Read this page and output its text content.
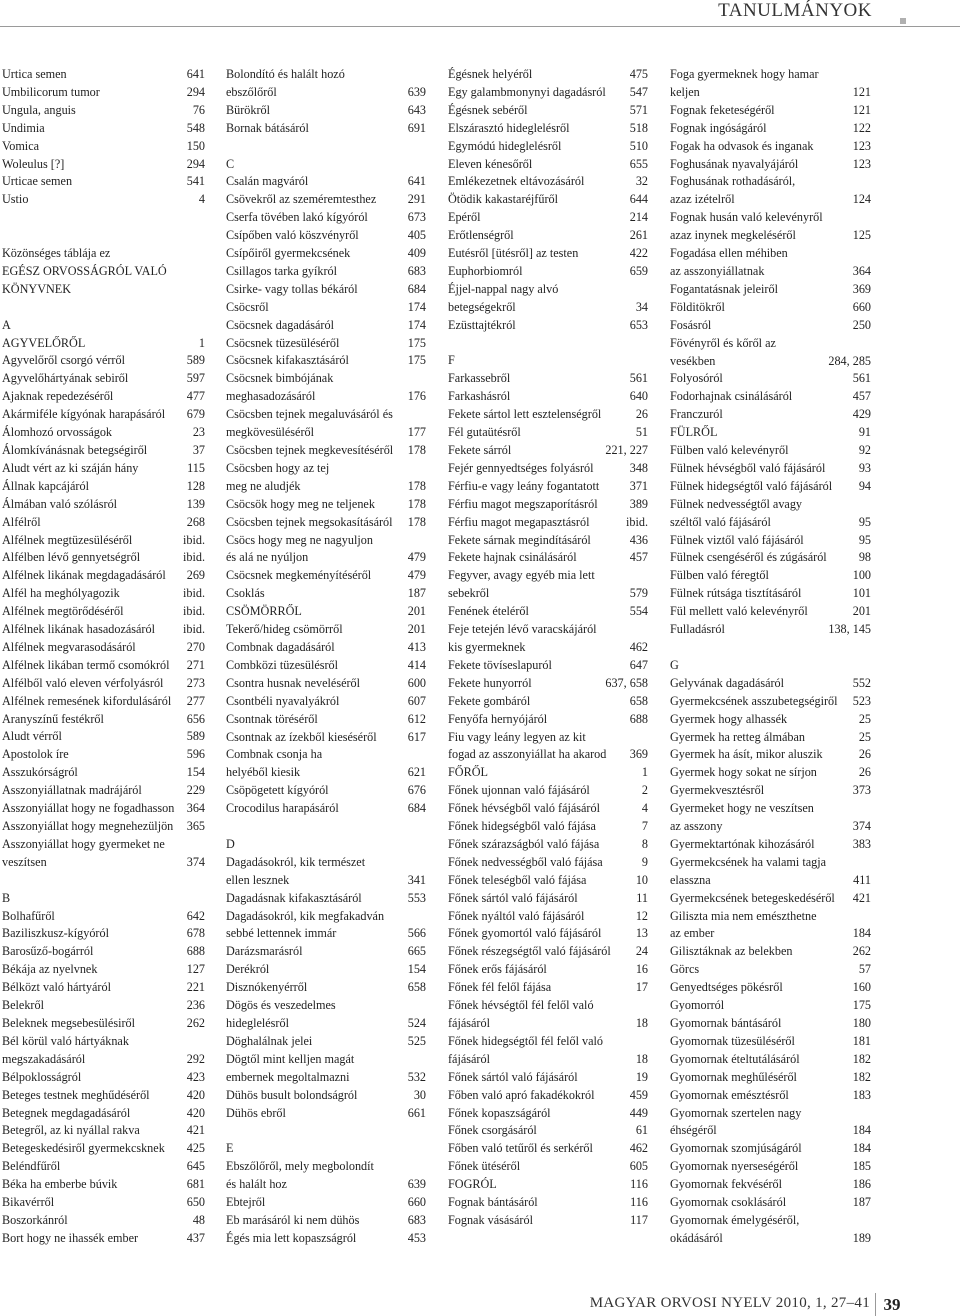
TANULMÁNYOK
Urtica semen	641
Umbilicorum tumor	294
Ungula, anguis	76
Undimia	548
Vomica	150
Woleulus [?]	294
Urticae semen	541
Ustio	4
Közönséges táblája ez
EGÉSZ ORVOSSÁGRÓL VALÓ
KÖNYVNEK
A
AGYVELŐRŐL	1
Agyvelőről csorgó vérről	589
Agyvelőhártyának sebiről	597
Ajaknak repedezéséről	477
Akármiféle kígyónak harapásáról	679
Álomhozó orvosságok	23
Álomkívánásnak betegségiről	37
Aludt vért az ki száján hány	115
Állnak kapcájáról	128
Álmában való szólásról	139
Alfélről	268
Alfélnek megtüzesüléséről	ibid.
Alfélben lévő gennyetségről	ibid.
Alfélnek likának megdagadásáról	269
Alfél ha meghólyagozik	ibid.
Alfélnek megtörődéséről	ibid.
Alfélnek likának hasadozásáról	ibid.
Alfélnek megvarasodásáról	270
Alfélnek likában termő csomókról	271
Alfélből való eleven vérfolyásról	273
Alfélnek remesének kifordulásáról	277
Aranyszínű festékről	656
Aludt vérről	589
Apostolok íre	596
Asszukórságról	154
Asszonyiállatnak madrájáról	229
Asszonyiállat hogy ne fogadhasson	364
Asszonyiállat hogy megnehezüljön	365
Asszonyiállat hogy gyermeket ne
veszítsen	374
B
Bolhafűről	642
Baziliszkusz-kígyóról	678
Barosűző-bogárról	688
Békája az nyelvnek	127
Bélközt való hártyáról	221
Belekről	236
Beleknek megsebesülésiről	262
Bél körül való hártyáknak
megszakadásáról	292
Bélpoklosságról	423
Beteges testnek meghűdéséről	420
Betegnek megdagadásáról	420
Betegről, az ki nyállal rakva	421
Betegeskedésiről gyermekcsknek	425
Beléndfűről	645
Béka ha emberbe búvik	681
Bikavérről	650
Boszorkánról	48
Bort hogy ne ihassék ember	437
Bolondító és halált hozó
ebszőlőről	639
Bürökről	643
Bornak bátásáról	691
C
Csalán magváról	641
Csövekről az szeméremtesthez	291
Cserfa tövében lakó kígyóról	673
Csípőben való köszvényről	405
Csípőiről gyermekcsének	409
Csillagos tarka gyíkról	683
Csirke- vagy tollas békáról	684
Csöcsről	174
Csöcsnek dagadásáról	174
Csöcsnek tüzesüléséről	175
Csöcsnek kifakasztásáról	175
Csöcsnek bimbójának
meghasadozásáról	176
Csöcsben tejnek megaluvásáról és
megkövesüléséről	177
Csöcsben tejnek megkevesítéséről	178
Csöcsben hogy az tej
meg ne aludjék	178
Csöcsök hogy meg ne teljenek	178
Csöcsben tejnek megsokasításáról	178
Csöcs hogy meg ne nagyuljon
és alá ne nyúljon	479
Csöcsnek megkeményítéséről	479
Csoklás	187
CSÖMÖRRŐL	201
Tekerő/hideg csömörről	201
Combnak dagadásáról	413
Combközi tüzesülésről	414
Csontra husnak neveléséről	600
Csontbéli nyavalyákról	607
Csontnak töréséről	612
Csontnak az ízekből kieséséről	617
Combnak csonja ha
helyéből kiesik	621
Csöpögetett kígyóról	676
Crocodilus harapásáról	684
D
Dagadásokról, kik természet
ellen lesznek	341
Dagadásnak kifakasztásáról	553
Dagadásokról, kik megfakadván
sebbé lettennek immár	566
Darázsmarásról	665
Derékról	154
Disznókenyérről	658
Dögös és veszedelmes
hideglelésről	524
Döghalálnak jelei	525
Dögtől mint kelljen magát
embernek megoltalmazni	532
Dühös busult bolondságról	30
Dühös ebről	661
E
Ebszőlőről, mely megbolondít
és halált hoz	639
Ebtejről	660
Eb marásáról ki nem dühös	683
Égés mia lett kopaszságról	453
Égésnek helyéről	475
Egy galambmonynyi dagadásról	547
Égésnek sebéről	571
Elszárasztó hideglelésről	518
Egymódú hideglelésről	510
Eleven kénesőről	655
Emlékezetnek eltávozásáról	32
Ötödik kakastaréjfűről	644
Epéről	214
Erőtlenségről	261
Eutésről [ütésről] az testen	422
Euphorbiomról	659
Éjjel-nappal nagy alvó
betegségekről	34
Ezüsttajtékról	653
F
Farkassebről	561
Farkashásról	640
Fekete sártol lett esztelenségről	26
Fél gutaütésről	51
Fekete sárról	221, 227
Fejér gennyedtséges folyásról	348
Férfiu-e vagy leány fogantatott	371
Férfiu magot megszaporításról	389
Férfiu magot megapasztásról	ibid.
Fekete sárnak megindításáról	436
Fekete hajnak csinálásáról	457
Fegyver, avagy egyéb mia lett
sebekről	579
Fenének ételéről	554
Feje tetején lévő varacskájáról
kis gyermeknek	462
Fekete tövíseslapuról	647
Fekete hunyorról	637, 658
Fekete gombáról	658
Fenyőfa hernyójáról	688
Fiu vagy leány legyen az kit
fogad az asszonyiállat ha akarod	369
FŐRŐL	1
Főnek ujonnan való fájásáról	2
Főnek hévségből való fájásáról	4
Főnek hidegségből való fájása	7
Főnek szárazságból való fájása	8
Főnek nedvességből való fájása	9
Főnek teleségből való fájása	10
Főnek sártól való fájásáról	11
Főnek nyáltól való fájásáról	12
Főnek gyomortól való fájásáról	13
Főnek részegségtől való fájásáról	24
Főnek erős fájásáról	16
Főnek fél felől fájása	17
Főnek hévségtől fél felől való
fájásáról	18
Főnek hidegségtől fél felől való
fájásáról	18
Főnek sártól való fájásáról	19
Főben való apró fakadékokról	459
Főnek kopaszságáról	449
Főnek csorgásáról	61
Főben való tetűről és serkéről	462
Főnek ütéséről	605
FOGRÓL	116
Fognak bántásáról	116
Fognak vásásáról	117
Foga gyermeknek hogy hamar
keljen	121
Fognak feketeségéről	121
Fognak ingóságáról	122
Fogak ha odvasok és inganak	123
Foghusának nyavalyájáról	123
Foghusának rothadásáról,
azaz izételről	124
Fognak husán való kelevényről
azaz inynek megkeléséről	125
Fogadása ellen méhiben
az asszonyiállatnak	364
Fogantatásnak jeleiről	369
Földitökről	660
Fosásról	250
Fövényről és kőről az
vesékben	284, 285
Folyosóról	561
Fodorhajnak csinálásáról	457
Franczuról	429
FÜLRŐL	91
Fülben való kelevényről	92
Fülnek hévségből való fájásáról	93
Fülnek hidegségtől való fájásáról	94
Fülnek nedvességtől avagy
széltől való fájásáról	95
Fülnek viztől való fájásáról	95
Fülnek csengéséről és zúgásáról	98
Fülben való féregtől	100
Fülnek rútsága tisztításáról	101
Fül mellett való kelevényről	201
Fulladásról	138, 145
G
Gelyvának dagadásáról	552
Gyermekcsének asszubetegségiről	523
Gyermek hogy alhassék	25
Gyermek ha retteg álmában	25
Gyermek ha ásít, mikor aluszik	26
Gyermek hogy sokat ne sírjon	26
Gyermekvesztésről	373
Gyermeket hogy ne veszítsen
az asszony	374
Gyermektartónak kihozásáról	383
Gyermekcsének ha valami tagja
elasszna	411
Gyermekcsének betegeskedéséről	421
Giliszta mia nem emészthetne
az ember	184
Gilisztáknak az belekben	262
Görcs	57
Genyedtséges pökésről	160
Gyomorról	175
Gyomornak bántásáról	180
Gyomornak tüzesüléséről	181
Gyomornak ételtutálásáról	182
Gyomornak meghűléséről	182
Gyomornak emésztésről	183
Gyomornak szertelen nagy
éhségéről	184
Gyomornak szomjúságáról	184
Gyomornak nyerseségéről	185
Gyomornak fekvéséről	186
Gyomornak csoklásáról	187
Gyomornak émelygéséről,
okádásáról	189
MAGYAR ORVOSI NYELV 2010, 1, 27–41 39
